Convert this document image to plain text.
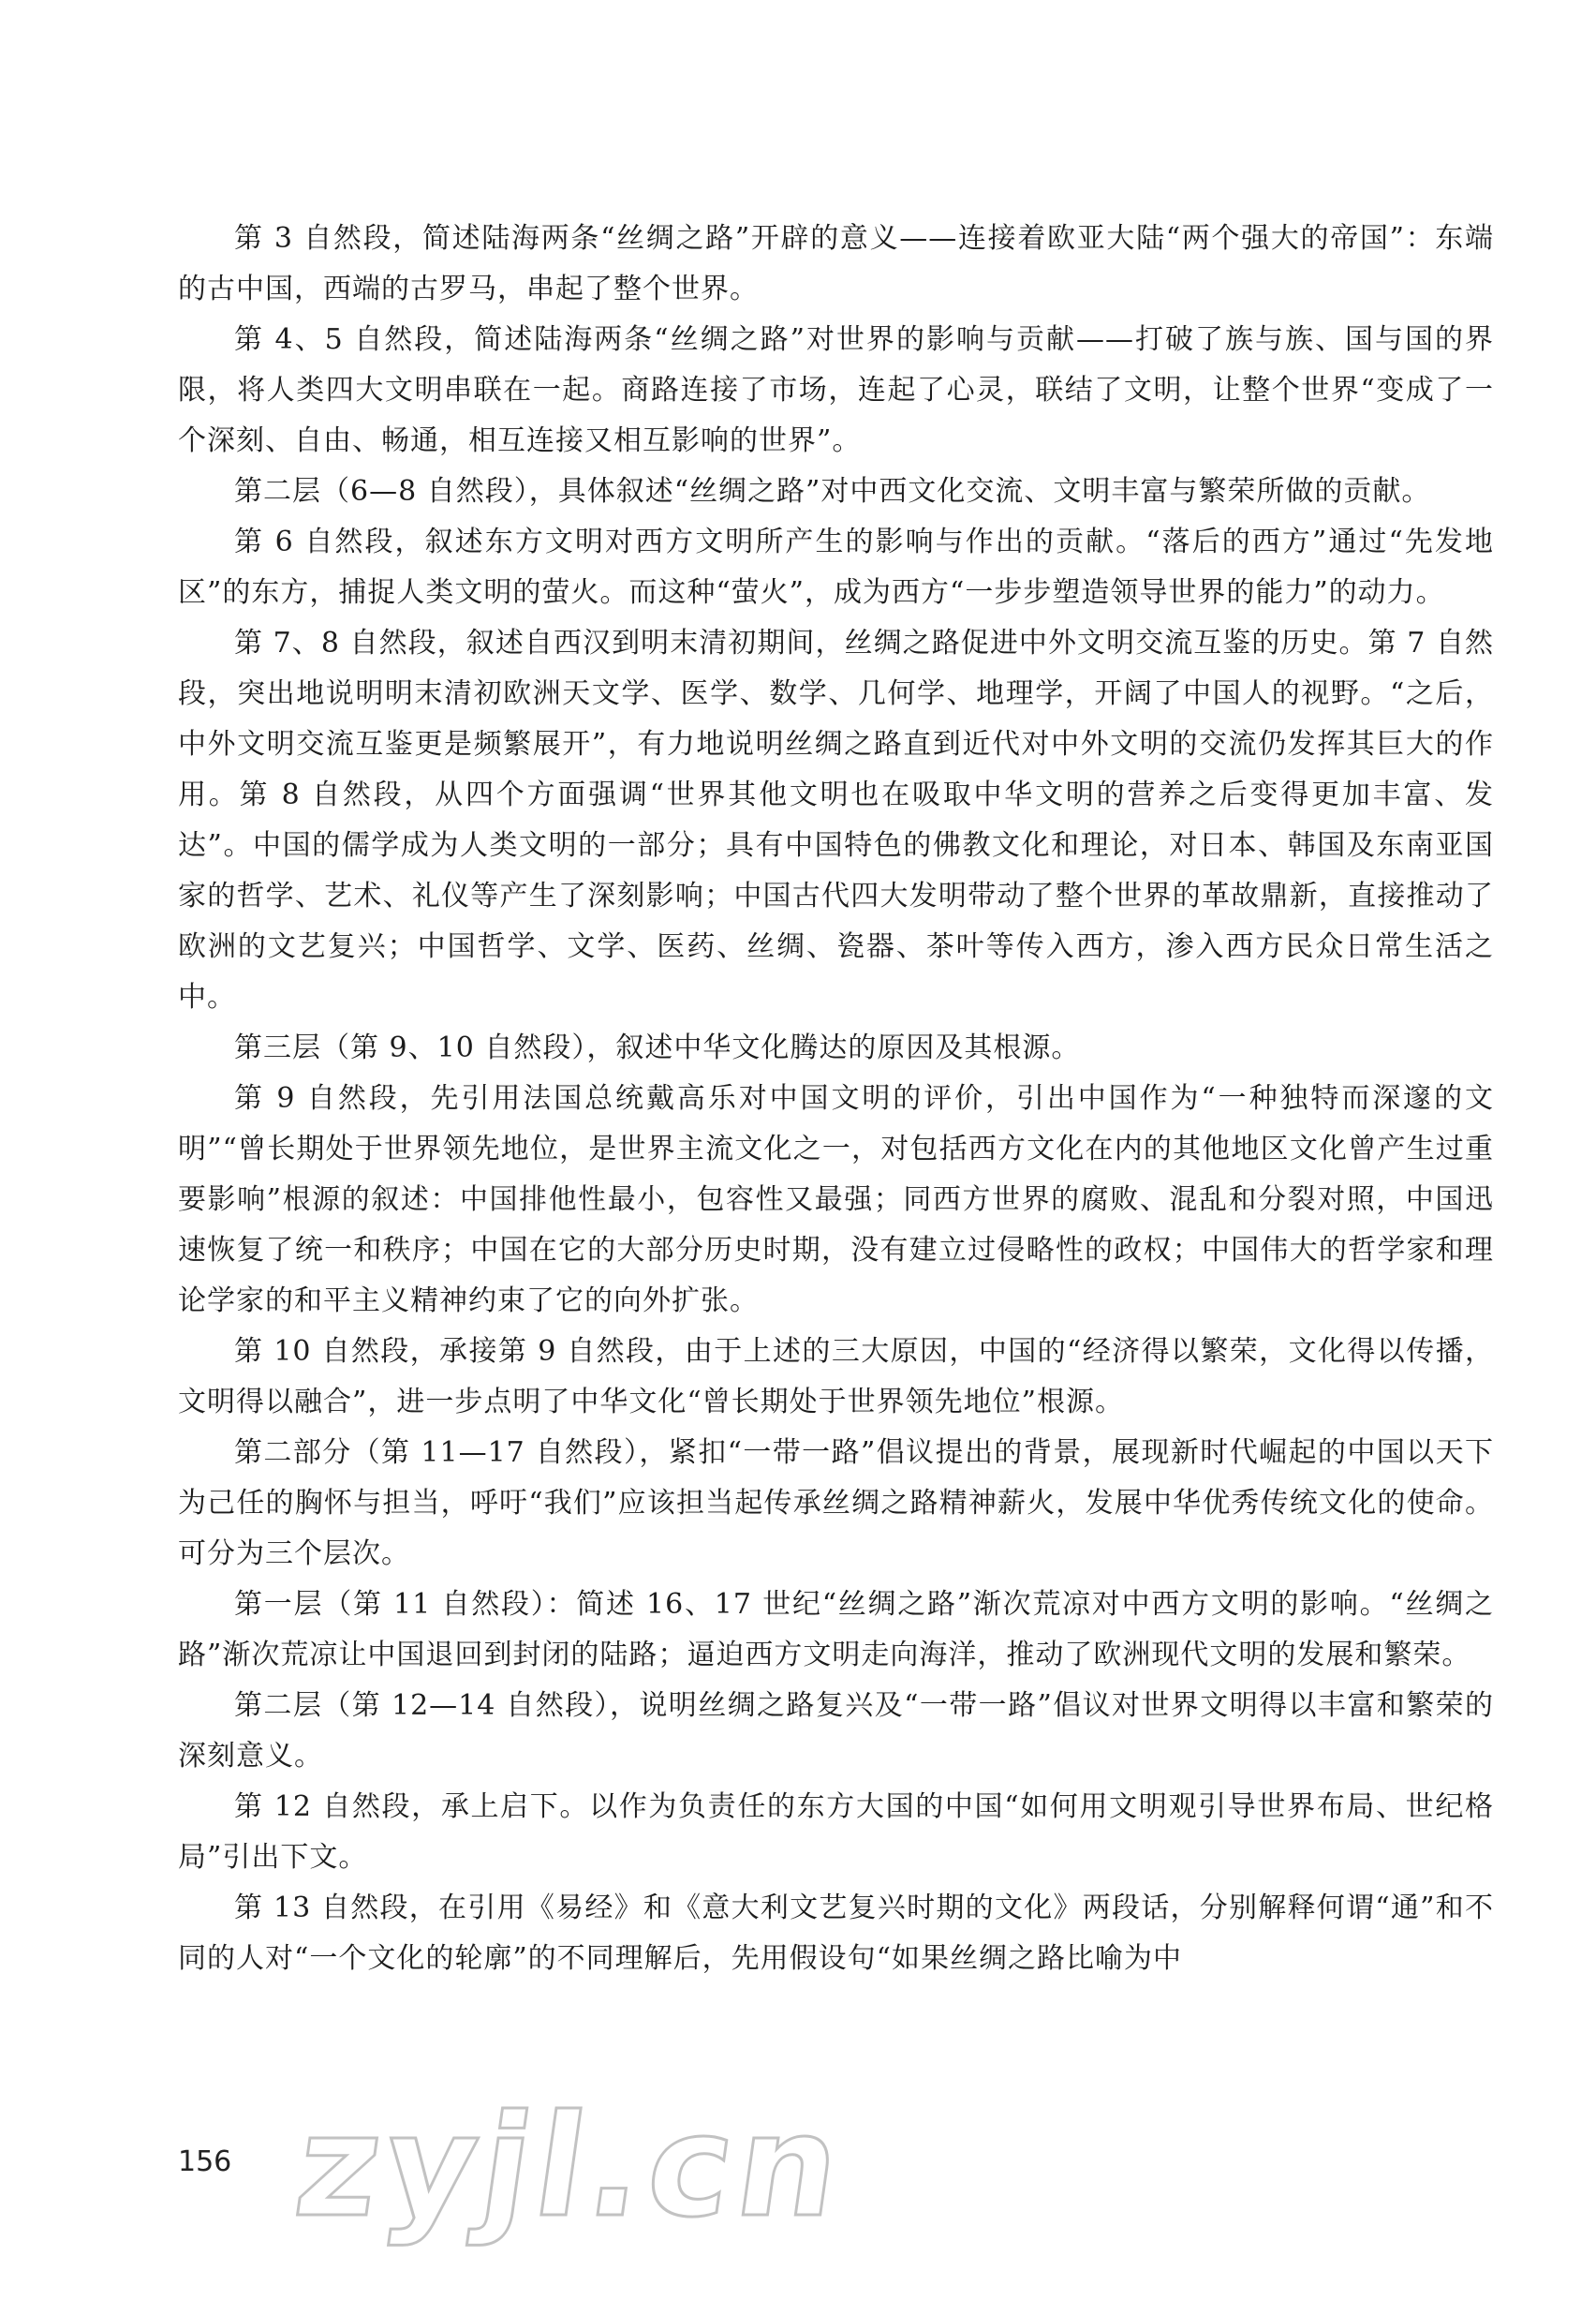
第 3 自然段，简述陆海两条“丝绸之路”开辟的意义——连接着欧亚大陆“两个强大的帝国”：东端的古中国，西端的古罗马，串起了整个世界。

第 4、5 自然段，简述陆海两条“丝绸之路”对世界的影响与贡献——打破了族与族、国与国的界限，将人类四大文明串联在一起。商路连接了市场，连起了心灵，联结了文明，让整个世界“变成了一个深刻、自由、畅通，相互连接又相互影响的世界”。

第二层（6—8 自然段），具体叙述“丝绸之路”对中西文化交流、文明丰富与繁荣所做的贡献。

第 6 自然段，叙述东方文明对西方文明所产生的影响与作出的贡献。“落后的西方”通过“先发地区”的东方，捕捉人类文明的萤火。而这种“萤火”，成为西方“一步步塑造领导世界的能力”的动力。

第 7、8 自然段，叙述自西汉到明末清初期间，丝绸之路促进中外文明交流互鉴的历史。第 7 自然段，突出地说明明末清初欧洲天文学、医学、数学、几何学、地理学，开阔了中国人的视野。“之后，中外文明交流互鉴更是频繁展开”，有力地说明丝绸之路直到近代对中外文明的交流仍发挥其巨大的作用。第 8 自然段，从四个方面强调“世界其他文明也在吸取中华文明的营养之后变得更加丰富、发达”。中国的儒学成为人类文明的一部分；具有中国特色的佛教文化和理论，对日本、韩国及东南亚国家的哲学、艺术、礼仪等产生了深刻影响；中国古代四大发明带动了整个世界的革故鼎新，直接推动了欧洲的文艺复兴；中国哲学、文学、医药、丝绸、瓷器、茶叶等传入西方，渗入西方民众日常生活之中。

第三层（第 9、10 自然段），叙述中华文化腾达的原因及其根源。

第 9 自然段，先引用法国总统戴高乐对中国文明的评价，引出中国作为“一种独特而深邃的文明”“曾长期处于世界领先地位，是世界主流文化之一，对包括西方文化在内的其他地区文化曾产生过重要影响”根源的叙述：中国排他性最小，包容性又最强；同西方世界的腐败、混乱和分裂对照，中国迅速恢复了统一和秩序；中国在它的大部分历史时期，没有建立过侵略性的政权；中国伟大的哲学家和理论学家的和平主义精神约束了它的向外扩张。

第 10 自然段，承接第 9 自然段，由于上述的三大原因，中国的“经济得以繁荣，文化得以传播，文明得以融合”，进一步点明了中华文化“曾长期处于世界领先地位”根源。

第二部分（第 11—17 自然段），紧扣“一带一路”倡议提出的背景，展现新时代崛起的中国以天下为己任的胸怀与担当，呼吁“我们”应该担当起传承丝绸之路精神薪火，发展中华优秀传统文化的使命。可分为三个层次。

第一层（第 11 自然段）：简述 16、17 世纪“丝绸之路”渐次荒凉对中西方文明的影响。“丝绸之路”渐次荒凉让中国退回到封闭的陆路；逼迫西方文明走向海洋，推动了欧洲现代文明的发展和繁荣。

第二层（第 12—14 自然段），说明丝绸之路复兴及“一带一路”倡议对世界文明得以丰富和繁荣的深刻意义。

第 12 自然段，承上启下。以作为负责任的东方大国的中国“如何用文明观引导世界布局、世纪格局”引出下文。

第 13 自然段，在引用《易经》和《意大利文艺复兴时期的文化》两段话，分别解释何谓“通”和不同的人对“一个文化的轮廓”的不同理解后，先用假设句“如果丝绸之路比喻为中

156 zyjl.cn
